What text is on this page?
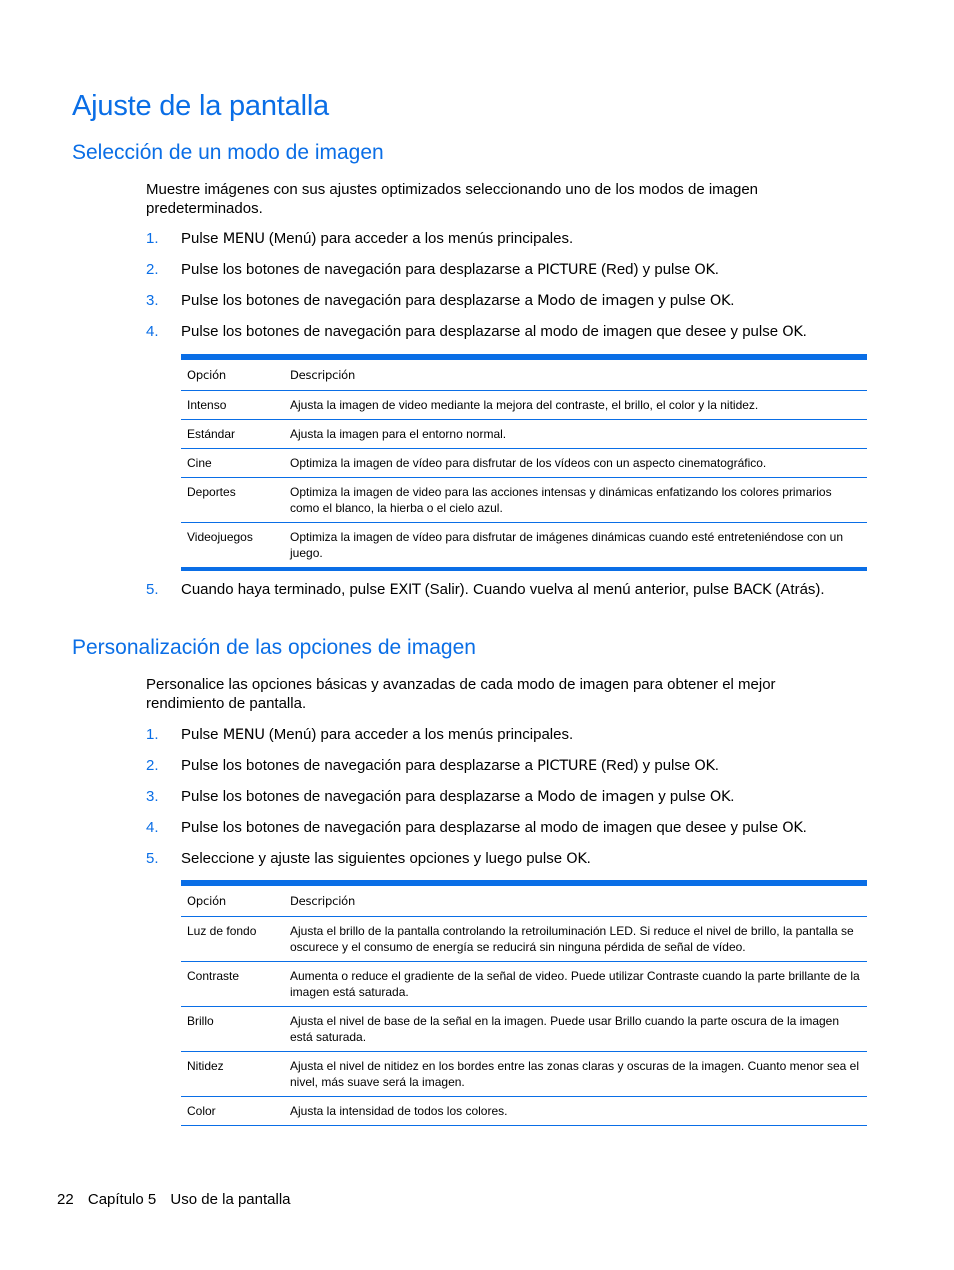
Ajuste de la pantalla
Selección de un modo de imagen

Muestre imágenes con sus ajustes optimizados seleccionando uno de los modos de imagen predeterminados.

1. Pulse MENU (Menú) para acceder a los menús principales.
2. Pulse los botones de navegación para desplazarse a PICTURE (Red) y pulse OK.
3. Pulse los botones de navegación para desplazarse a Modo de imagen y pulse OK.
4. Pulse los botones de navegación para desplazarse al modo de imagen que desee y pulse OK.
Opción	Descripción
Intenso	Ajusta la imagen de video mediante la mejora del contraste, el brillo, el color y la nitidez.
Estándar	Ajusta la imagen para el entorno normal.
Cine	Optimiza la imagen de vídeo para disfrutar de los vídeos con un aspecto cinematográfico.
Deportes	Optimiza la imagen de video para las acciones intensas y dinámicas enfatizando los colores primarios como el blanco, la hierba o el cielo azul.
Videojuegos	Optimiza la imagen de vídeo para disfrutar de imágenes dinámicas cuando esté entreteniéndose con un juego.
5. Cuando haya terminado, pulse EXIT (Salir). Cuando vuelva al menú anterior, pulse BACK (Atrás).
Personalización de las opciones de imagen

Personalice las opciones básicas y avanzadas de cada modo de imagen para obtener el mejor rendimiento de pantalla.

1. Pulse MENU (Menú) para acceder a los menús principales.
2. Pulse los botones de navegación para desplazarse a PICTURE (Red) y pulse OK.
3. Pulse los botones de navegación para desplazarse a Modo de imagen y pulse OK.
4. Pulse los botones de navegación para desplazarse al modo de imagen que desee y pulse OK.
5. Seleccione y ajuste las siguientes opciones y luego pulse OK.
Opción	Descripción
Luz de fondo	Ajusta el brillo de la pantalla controlando la retroiluminación LED. Si reduce el nivel de brillo, la pantalla se oscurece y el consumo de energía se reducirá sin ninguna pérdida de señal de vídeo.
Contraste	Aumenta o reduce el gradiente de la señal de video. Puede utilizar Contraste cuando la parte brillante de la imagen está saturada.
Brillo	Ajusta el nivel de base de la señal en la imagen. Puede usar Brillo cuando la parte oscura de la imagen está saturada.
Nitidez	Ajusta el nivel de nitidez en los bordes entre las zonas claras y oscuras de la imagen. Cuanto menor sea el nivel, más suave será la imagen.
Color	Ajusta la intensidad de todos los colores.
22 Capítulo 5 Uso de la pantalla
